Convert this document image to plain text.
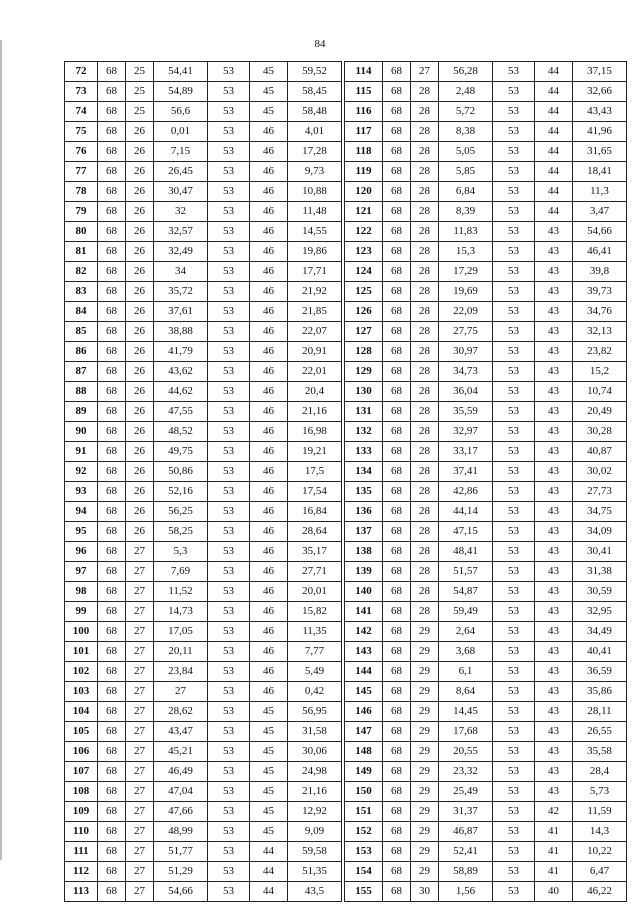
84
72	68	25	54,41	53	45	59,52
73	68	25	54,89	53	45	58,45
74	68	25	56,6	53	45	58,48
75	68	26	0,01	53	46	4,01
76	68	26	7,15	53	46	17,28
77	68	26	26,45	53	46	9,73
78	68	26	30,47	53	46	10,88
79	68	26	32	53	46	11,48
80	68	26	32,57	53	46	14,55
81	68	26	32,49	53	46	19,86
82	68	26	34	53	46	17,71
83	68	26	35,72	53	46	21,92
84	68	26	37,61	53	46	21,85
85	68	26	38,88	53	46	22,07
86	68	26	41,79	53	46	20,91
87	68	26	43,62	53	46	22,01
88	68	26	44,62	53	46	20,4
89	68	26	47,55	53	46	21,16
90	68	26	48,52	53	46	16,98
91	68	26	49,75	53	46	19,21
92	68	26	50,86	53	46	17,5
93	68	26	52,16	53	46	17,54
94	68	26	56,25	53	46	16,84
95	68	26	58,25	53	46	28,64
96	68	27	5,3	53	46	35,17
97	68	27	7,69	53	46	27,71
98	68	27	11,52	53	46	20,01
99	68	27	14,73	53	46	15,82
100	68	27	17,05	53	46	11,35
101	68	27	20,11	53	46	7,77
102	68	27	23,84	53	46	5,49
103	68	27	27	53	46	0,42
104	68	27	28,62	53	45	56,95
105	68	27	43,47	53	45	31,58
106	68	27	45,21	53	45	30,06
107	68	27	46,49	53	45	24,98
108	68	27	47,04	53	45	21,16
109	68	27	47,66	53	45	12,92
110	68	27	48,99	53	45	9,09
111	68	27	51,77	53	44	59,58
112	68	27	51,29	53	44	51,35
113	68	27	54,66	53	44	43,5
114	68	27	56,28	53	44	37,15
115	68	28	2,48	53	44	32,66
116	68	28	5,72	53	44	43,43
117	68	28	8,38	53	44	41,96
118	68	28	5,05	53	44	31,65
119	68	28	5,85	53	44	18,41
120	68	28	6,84	53	44	11,3
121	68	28	8,39	53	44	3,47
122	68	28	11,83	53	43	54,66
123	68	28	15,3	53	43	46,41
124	68	28	17,29	53	43	39,8
125	68	28	19,69	53	43	39,73
126	68	28	22,09	53	43	34,76
127	68	28	27,75	53	43	32,13
128	68	28	30,97	53	43	23,82
129	68	28	34,73	53	43	15,2
130	68	28	36,04	53	43	10,74
131	68	28	35,59	53	43	20,49
132	68	28	32,97	53	43	30,28
133	68	28	33,17	53	43	40,87
134	68	28	37,41	53	43	30,02
135	68	28	42,86	53	43	27,73
136	68	28	44,14	53	43	34,75
137	68	28	47,15	53	43	34,09
138	68	28	48,41	53	43	30,41
139	68	28	51,57	53	43	31,38
140	68	28	54,87	53	43	30,59
141	68	28	59,49	53	43	32,95
142	68	29	2,64	53	43	34,49
143	68	29	3,68	53	43	40,41
144	68	29	6,1	53	43	36,59
145	68	29	8,64	53	43	35,86
146	68	29	14,45	53	43	28,11
147	68	29	17,68	53	43	26,55
148	68	29	20,55	53	43	35,58
149	68	29	23,32	53	43	28,4
150	68	29	25,49	53	43	5,73
151	68	29	31,37	53	42	11,59
152	68	29	46,87	53	41	14,3
153	68	29	52,41	53	41	10,22
154	68	29	58,89	53	41	6,47
155	68	30	1,56	53	40	46,22
